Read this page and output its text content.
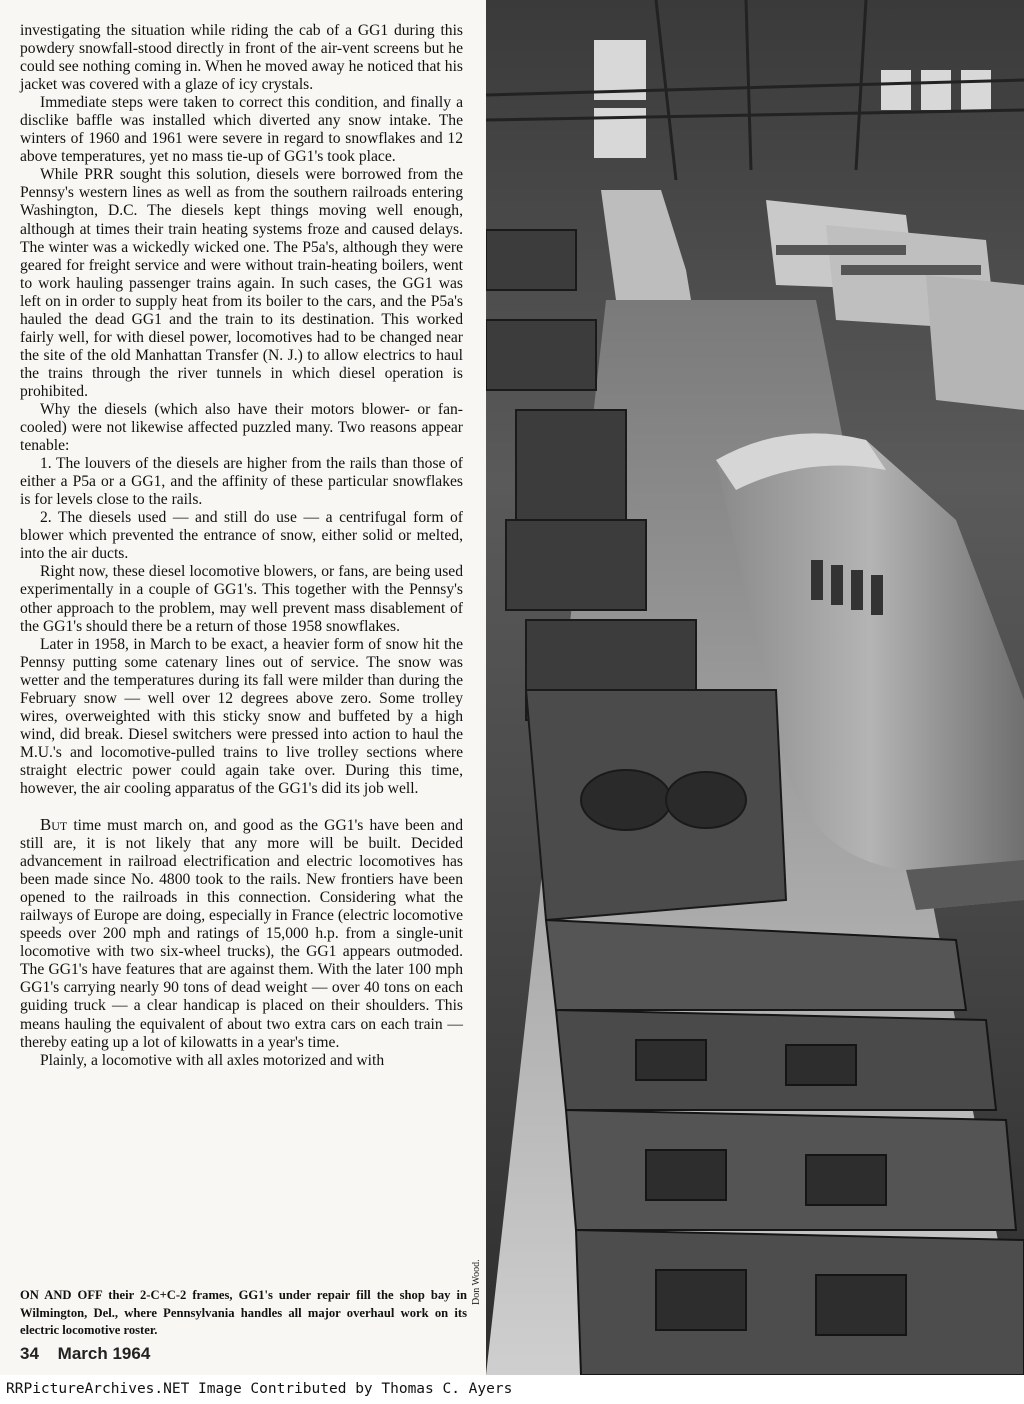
investigating the situation while riding the cab of a GG1 during this powdery snowfall-stood directly in front of the air-vent screens but he could see nothing coming in. When he moved away he noticed that his jacket was covered with a glaze of icy crystals.

Immediate steps were taken to correct this condition, and finally a disclike baffle was installed which diverted any snow intake. The winters of 1960 and 1961 were severe in regard to snowflakes and 12 above temperatures, yet no mass tie-up of GG1's took place.

While PRR sought this solution, diesels were borrowed from the Pennsy's western lines as well as from the southern railroads entering Washington, D.C. The diesels kept things moving well enough, although at times their train heating systems froze and caused delays. The winter was a wickedly wicked one. The P5a's, although they were geared for freight service and were without train-heating boilers, went to work hauling passenger trains again. In such cases, the GG1 was left on in order to supply heat from its boiler to the cars, and the P5a's hauled the dead GG1 and the train to its destination. This worked fairly well, for with diesel power, locomotives had to be changed near the site of the old Manhattan Transfer (N. J.) to allow electrics to haul the trains through the river tunnels in which diesel operation is prohibited.

Why the diesels (which also have their motors blower- or fan-cooled) were not likewise affected puzzled many. Two reasons appear tenable:

1. The louvers of the diesels are higher from the rails than those of either a P5a or a GG1, and the affinity of these particular snowflakes is for levels close to the rails.

2. The diesels used — and still do use — a centrifugal form of blower which prevented the entrance of snow, either solid or melted, into the air ducts.

Right now, these diesel locomotive blowers, or fans, are being used experimentally in a couple of GG1's. This together with the Pennsy's other approach to the problem, may well prevent mass disablement of the GG1's should there be a return of those 1958 snowflakes.

Later in 1958, in March to be exact, a heavier form of snow hit the Pennsy putting some catenary lines out of service. The snow was wetter and the temperatures during its fall were milder than during the February snow — well over 12 degrees above zero. Some trolley wires, overweighted with this sticky snow and buffeted by a high wind, did break. Diesel switchers were pressed into action to haul the M.U.'s and locomotive-pulled trains to live trolley sections where straight electric power could again take over. During this time, however, the air cooling apparatus of the GG1's did its job well.

But time must march on, and good as the GG1's have been and still are, it is not likely that any more will be built. Decided advancement in railroad electrification and electric locomotives has been made since No. 4800 took to the rails. New frontiers have been opened to the railroads in this connection. Considering what the railways of Europe are doing, especially in France (electric locomotive speeds over 200 mph and ratings of 15,000 h.p. from a single-unit locomotive with two six-wheel trucks), the GG1 appears outmoded. The GG1's have features that are against them. With the later 100 mph GG1's carrying nearly 90 tons of dead weight — over 40 tons on each guiding truck — a clear handicap is placed on their shoulders. This means hauling the equivalent of about two extra cars on each train — thereby eating up a lot of kilowatts in a year's time.

Plainly, a locomotive with all axles motorized and with

ON AND OFF their 2-C+C-2 frames, GG1's under repair fill the shop bay in Wilmington, Del., where Pennsylvania handles all major overhaul work on its electric locomotive roster.
Don Wood.
34 March 1964
RRPictureArchives.NET Image Contributed by Thomas C. Ayers
